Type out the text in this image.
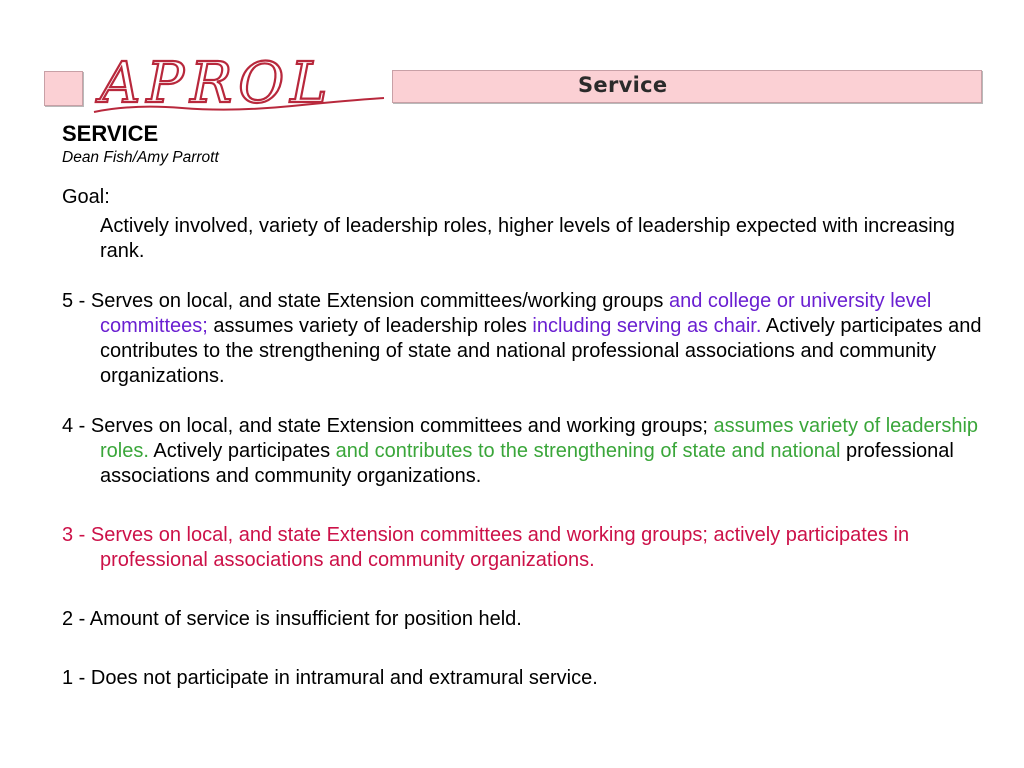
APROL	Service

SERVICE

Dean Fish/Amy Parrott

Goal:

Actively involved, variety of leadership roles, higher levels of leadership expected with increasing rank.

5 - Serves on local, and state Extension committees/working groups and college or university level committees; assumes variety of leadership roles including serving as chair. Actively participates and contributes to the strengthening of state and national professional associations and community organizations.

4 - Serves on local, and state Extension committees and working groups; assumes variety of leadership roles. Actively participates and contributes to the strengthening of state and national professional associations and community organizations.

3 - Serves on local, and state Extension committees and working groups; actively participates in professional associations and community organizations.

2 - Amount of service is insufficient for position held.

1 - Does not participate in intramural and extramural service.
